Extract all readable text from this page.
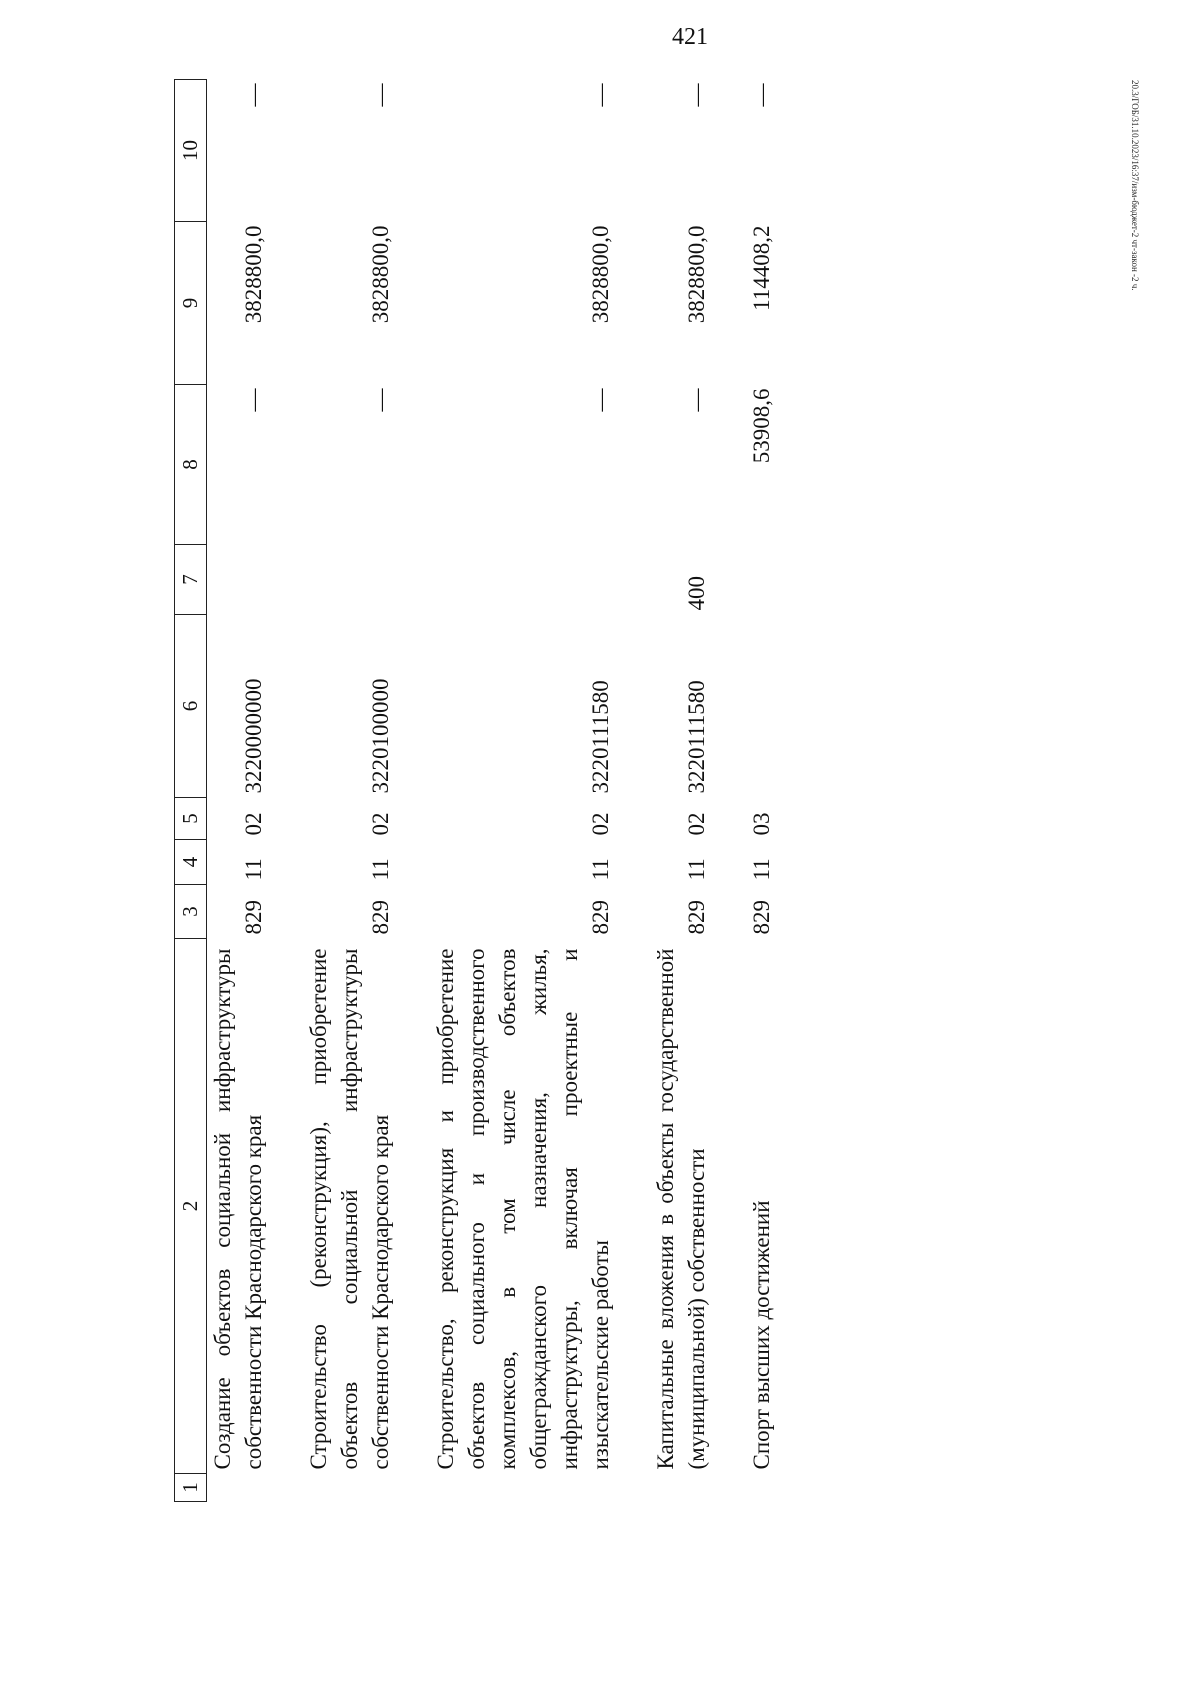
421
20.3/ГОБ/31.10.2023/16:37/изм-бюджет-2 чт-закон -2 ч.
1	2	3	4	5	6	7	8	9	10
	Создание объектов социальной инфраструктуры собственности Краснодарского края	829	11	02	3220000000		—	3828800,0	—
	Строительство (реконструкция), приобретение объектов социальной инфраструктуры собственности Краснодарского края	829	11	02	3220100000		—	3828800,0	—
	Строительство, реконструкция и приобретение объектов социального и производственного комплексов, в том числе объектов общегражданского назначения, жилья, инфраструктуры, включая проектные и изыскательские работы	829	11	02	3220111580		—	3828800,0	—
	Капитальные вложения в объекты государственной (муниципальной) собственности	829	11	02	3220111580	400	—	3828800,0	—
	Спорт высших достижений	829	11	03			53908,6	114408,2	—
